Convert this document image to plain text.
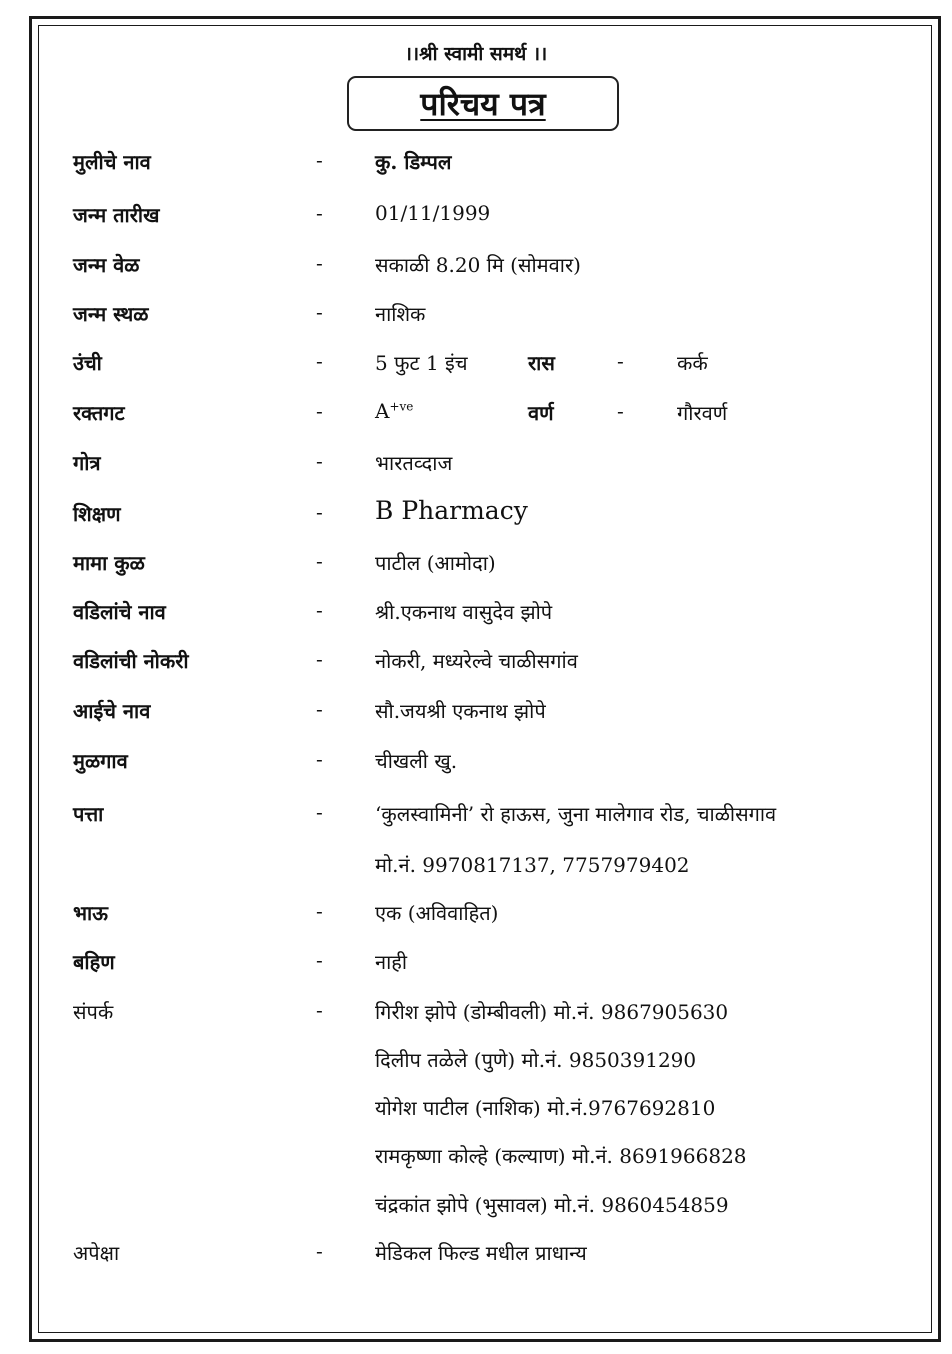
।।श्री स्वामी समर्थ ।।
परिचय पत्र
मुलीचे नाव	-	कु. डिम्पल
जन्म तारीख	-	01/11/1999
जन्म वेळ	-	सकाळी 8.20 मि (सोमवार)
जन्म स्थळ	-	नाशिक
उंची	-	5 फुट 1 इंच	रास	-	कर्क
रक्तगट	-	$A^{+ve}$	वर्ण	-	गौरवर्ण
गोत्र	-	भारतव्दाज
शिक्षण	- B Pharmacy
मामा कुळ	-	पाटील (आमोदा)
वडिलांचे नाव	-	श्री.एकनाथ वासुदेव झोपे
वडिलांची नोकरी	-	नोकरी, मध्यरेल्वे चाळीसगांव
आईचे नाव	-	सौ.जयश्री एकनाथ झोपे
मुळगाव	-	चीखली खु.
पत्ता	-	‘कुलस्वामिनी’ रो हाऊस, जुना मालेगाव रोड, चाळीसगाव
मो.नं. 9970817137, 7757979402
भाऊ	-	एक (अविवाहित)
बहिण	-	नाही
संपर्क	-	गिरीश झोपे (डोम्बीवली) मो.नं. 9867905630
दिलीप तळेले (पुणे) मो.नं. 9850391290
योगेश पाटील (नाशिक) मो.नं.9767692810
रामकृष्णा कोल्हे (कल्याण) मो.नं. 8691966828
चंद्रकांत झोपे (भुसावल) मो.नं. 9860454859
अपेक्षा	-	मेडिकल फिल्ड मधील प्राधान्य
